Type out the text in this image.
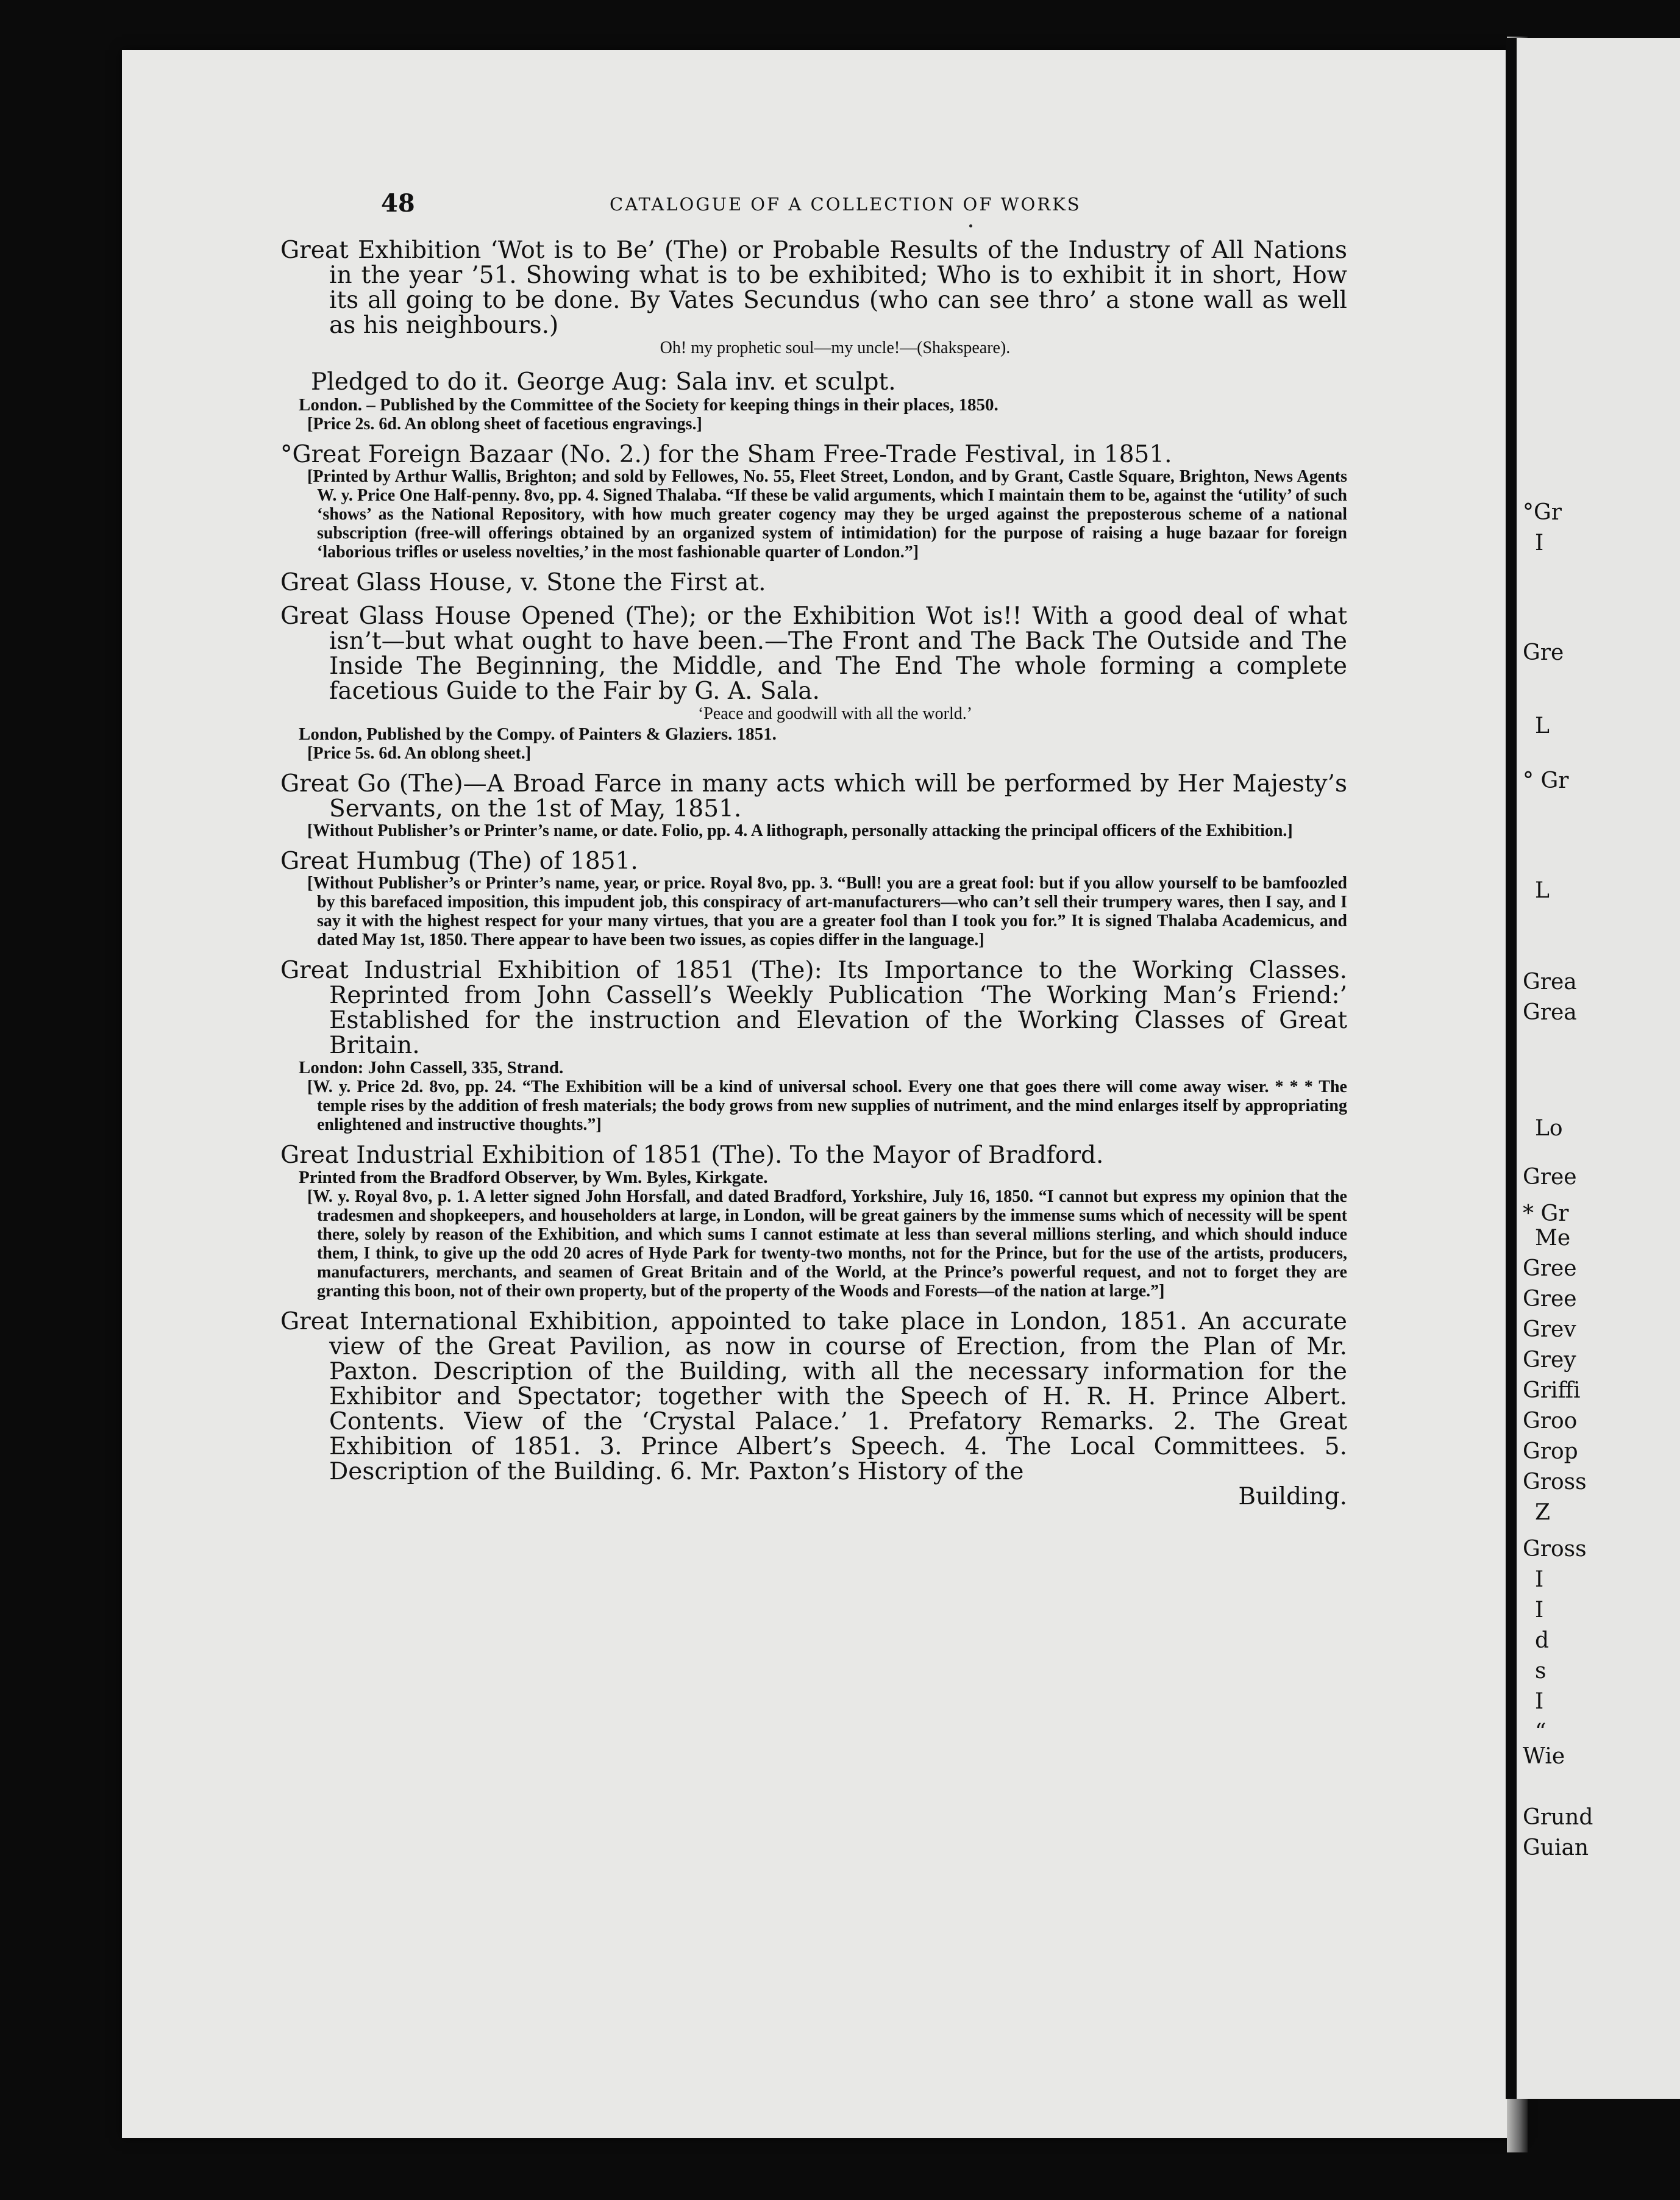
°Gr
I
Gre
L
° Gr
L
Grea
Grea
Lo
Gree
* Gr
Me
Gree
Gree
Grev
Grey
Griffi
Groo
Grop
Gross
Z
Gross
I
I
d
s
I
“
Wie
Grund
Guian
48	CATALOGUE OF A COLLECTION OF WORKS
Great Exhibition ‘Wot is to Be’ (The) or Probable Results of the Industry of All Nations in the year ’51. Showing what is to be exhibited; Who is to exhibit it in short, How its all going to be done. By Vates Secundus (who can see thro’ a stone wall as well as his neighbours.)
Oh! my prophetic soul—my uncle!—(Shakspeare).
Pledged to do it. George Aug: Sala inv. et sculpt.
London. – Published by the Committee of the Society for keeping things in their places, 1850.
[Price 2s. 6d. An oblong sheet of facetious engravings.]
°Great Foreign Bazaar (No. 2.) for the Sham Free-Trade Festival, in 1851.
[Printed by Arthur Wallis, Brighton; and sold by Fellowes, No. 55, Fleet Street, London, and by Grant, Castle Square, Brighton, News Agents W. y. Price One Half-penny. 8vo, pp. 4. Signed Thalaba. “If these be valid arguments, which I maintain them to be, against the ‘utility’ of such ‘shows’ as the National Repository, with how much greater cogency may they be urged against the preposterous scheme of a national subscription (free-will offerings obtained by an organized system of intimidation) for the purpose of raising a huge bazaar for foreign ‘laborious trifles or useless novelties,’ in the most fashionable quarter of London.”]
Great Glass House, v. Stone the First at.
Great Glass House Opened (The); or the Exhibition Wot is!! With a good deal of what isn’t—but what ought to have been.—The Front and The Back The Outside and The Inside The Beginning, the Middle, and The End The whole forming a complete facetious Guide to the Fair by G. A. Sala.
‘Peace and goodwill with all the world.’
London, Published by the Compy. of Painters & Glaziers. 1851.
[Price 5s. 6d. An oblong sheet.]
Great Go (The)—A Broad Farce in many acts which will be performed by Her Majesty’s Servants, on the 1st of May, 1851.
[Without Publisher’s or Printer’s name, or date. Folio, pp. 4. A lithograph, personally attacking the principal officers of the Exhibition.]
Great Humbug (The) of 1851.
[Without Publisher’s or Printer’s name, year, or price. Royal 8vo, pp. 3. “Bull! you are a great fool: but if you allow yourself to be bamfoozled by this barefaced imposition, this impudent job, this conspiracy of art-manufacturers—who can’t sell their trumpery wares, then I say, and I say it with the highest respect for your many virtues, that you are a greater fool than I took you for.” It is signed Thalaba Academicus, and dated May 1st, 1850. There appear to have been two issues, as copies differ in the language.]
Great Industrial Exhibition of 1851 (The): Its Importance to the Working Classes. Reprinted from John Cassell’s Weekly Publication ‘The Working Man’s Friend:’ Established for the instruction and Elevation of the Working Classes of Great Britain.
London: John Cassell, 335, Strand.
[W. y. Price 2d. 8vo, pp. 24. “The Exhibition will be a kind of universal school. Every one that goes there will come away wiser. * * * The temple rises by the addition of fresh materials; the body grows from new supplies of nutriment, and the mind enlarges itself by appropriating enlightened and instructive thoughts.”]
Great Industrial Exhibition of 1851 (The). To the Mayor of Bradford.
Printed from the Bradford Observer, by Wm. Byles, Kirkgate.
[W. y. Royal 8vo, p. 1. A letter signed John Horsfall, and dated Bradford, Yorkshire, July 16, 1850. “I cannot but express my opinion that the tradesmen and shopkeepers, and householders at large, in London, will be great gainers by the immense sums which of necessity will be spent there, solely by reason of the Exhibition, and which sums I cannot estimate at less than several millions sterling, and which should induce them, I think, to give up the odd 20 acres of Hyde Park for twenty-two months, not for the Prince, but for the use of the artists, producers, manufacturers, merchants, and seamen of Great Britain and of the World, at the Prince’s powerful request, and not to forget they are granting this boon, not of their own property, but of the property of the Woods and Forests—of the nation at large.”]
Great International Exhibition, appointed to take place in London, 1851. An accurate view of the Great Pavilion, as now in course of Erection, from the Plan of Mr. Paxton. Description of the Building, with all the necessary information for the Exhibitor and Spectator; together with the Speech of H. R. H. Prince Albert. Contents. View of the ‘Crystal Palace.’ 1. Prefatory Remarks. 2. The Great Exhibition of 1851. 3. Prince Albert’s Speech. 4. The Local Committees. 5. Description of the Building. 6. Mr. Paxton’s History of the
Building.
